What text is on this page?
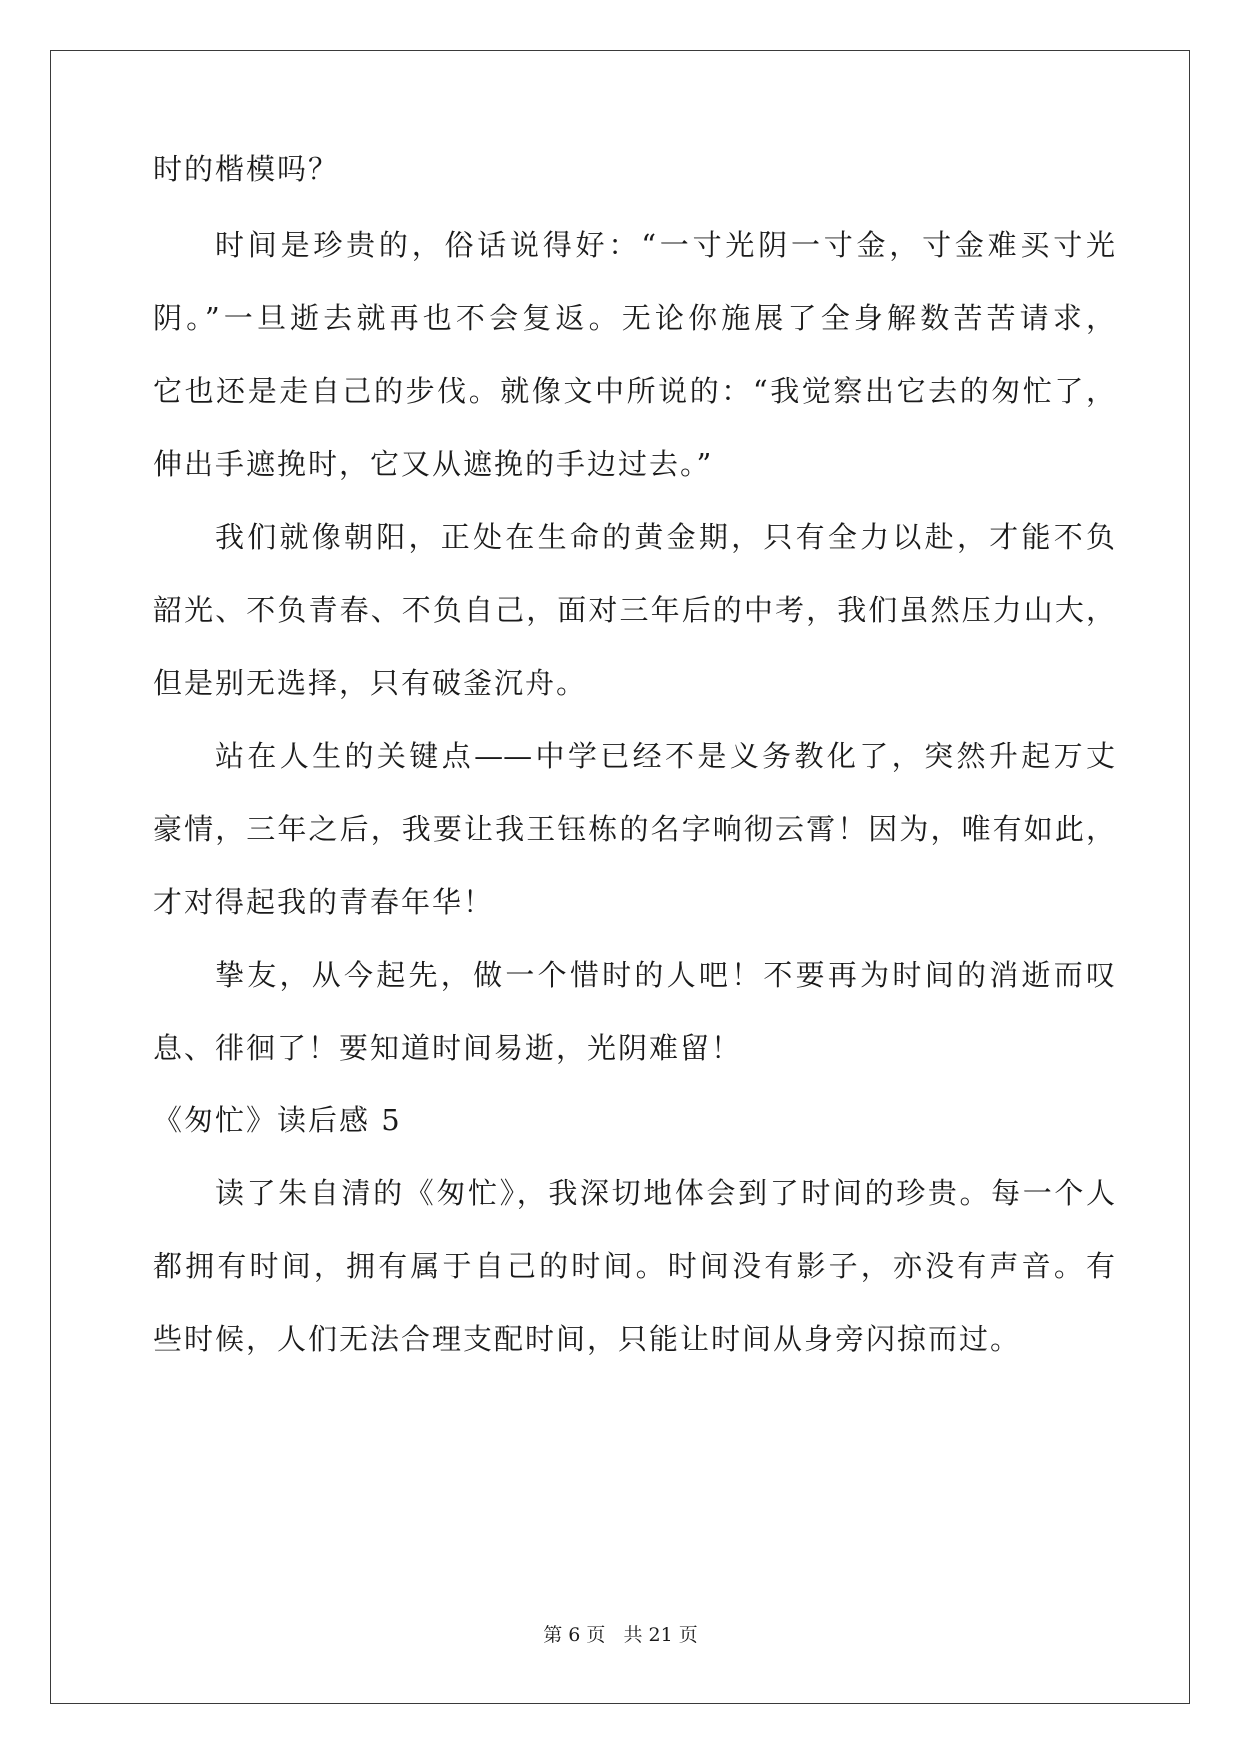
时的楷模吗？
时间是珍贵的，俗话说得好：“一寸光阴一寸金，寸金难买寸光
阴。”一旦逝去就再也不会复返。无论你施展了全身解数苦苦请求，
它也还是走自己的步伐。就像文中所说的：“我觉察出它去的匆忙了，
伸出手遮挽时，它又从遮挽的手边过去。”
我们就像朝阳，正处在生命的黄金期，只有全力以赴，才能不负
韶光、不负青春、不负自己，面对三年后的中考，我们虽然压力山大，
但是别无选择，只有破釜沉舟。
站在人生的关键点——中学已经不是义务教化了，突然升起万丈
豪情，三年之后，我要让我王钰栋的名字响彻云霄！因为，唯有如此，
才对得起我的青春年华！
挚友，从今起先，做一个惜时的人吧！不要再为时间的消逝而叹
息、徘徊了！要知道时间易逝，光阴难留！
《匆忙》读后感 5
读了朱自清的《匆忙》，我深切地体会到了时间的珍贵。每一个人
都拥有时间，拥有属于自己的时间。时间没有影子，亦没有声音。有
些时候，人们无法合理支配时间，只能让时间从身旁闪掠而过。
第 6 页 共 21 页
